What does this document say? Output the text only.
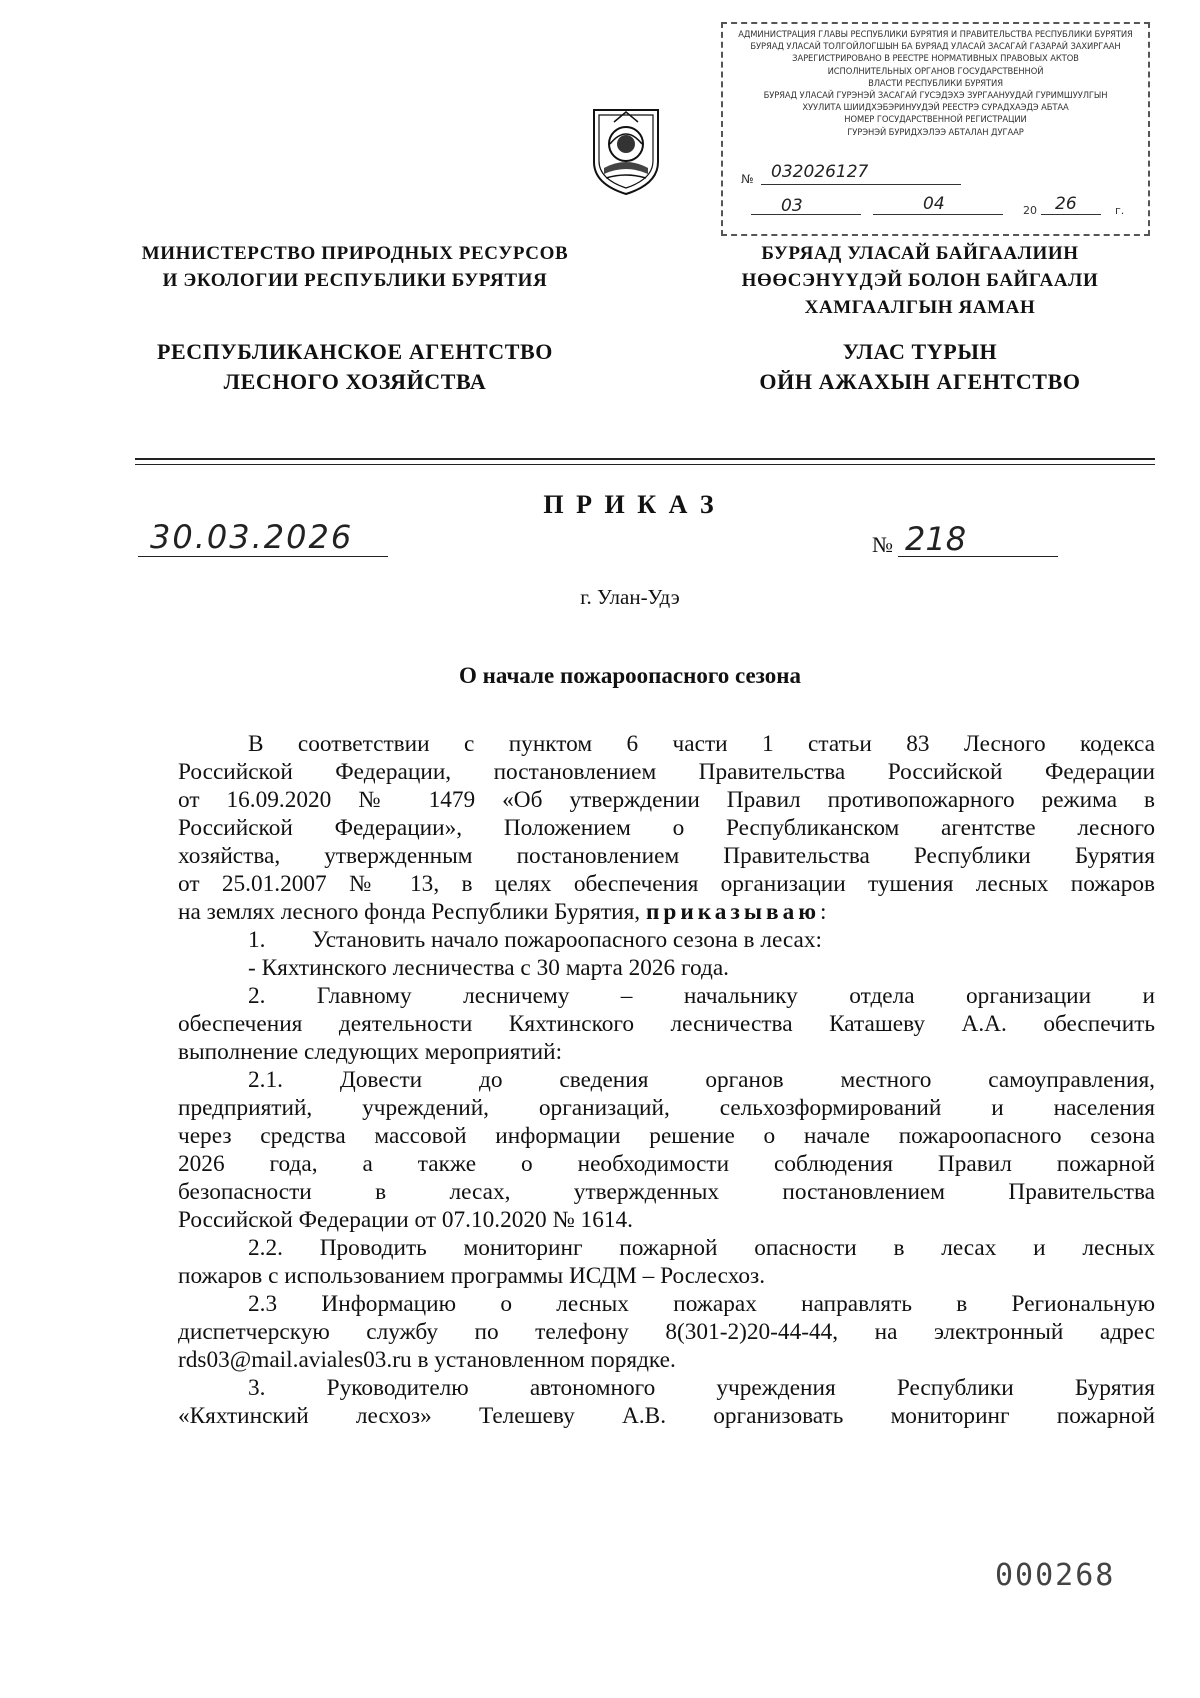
АДМИНИСТРАЦИЯ ГЛАВЫ РЕСПУБЛИКИ БУРЯТИЯ И ПРАВИТЕЛЬСТВА РЕСПУБЛИКИ БУРЯТИЯ
БУРЯАД УЛАСАЙ ТОЛГОЙЛОГШЫН БА БУРЯАД УЛАСАЙ ЗАСАГАЙ ГАЗАРАЙ ЗАХИРГААН
ЗАРЕГИСТРИРОВАНО В РЕЕСТРЕ НОРМАТИВНЫХ ПРАВОВЫХ АКТОВ
ИСПОЛНИТЕЛЬНЫХ ОРГАНОВ ГОСУДАРСТВЕННОЙ
ВЛАСТИ РЕСПУБЛИКИ БУРЯТИЯ
БУРЯАД УЛАСАЙ ГУРЭНЭЙ ЗАСАГАЙ ГУСЭДЭХЭ ЗУРГААНУУДАЙ ГУРИМШУУЛГЫН
ХУУЛИТА ШИИДХЭБЭРИНУУДЭЙ РЕЕСТРЭ СУРАДХАЭДЭ АБТАА
НОМЕР ГОСУДАРСТВЕННОЙ РЕГИСТРАЦИИ
ГУРЭНЭЙ БУРИДХЭЛЭЭ АБТАЛАН ДУГААР
№ 032026127
03	04	20 26	г.
МИНИСТЕРСТВО ПРИРОДНЫХ РЕСУРСОВ
И ЭКОЛОГИИ РЕСПУБЛИКИ БУРЯТИЯ
БУРЯАД УЛАСАЙ БАЙГААЛИИН
НӨӨСЭНҮҮДЭЙ БОЛОН БАЙГААЛИ
ХАМГААЛГЫН ЯАМАН
РЕСПУБЛИКАНСКОЕ АГЕНТСТВО
ЛЕСНОГО ХОЗЯЙСТВА
УЛАС ТҮРЫН
ОЙН АЖАХЫН АГЕНТСТВО
П Р И К А З
30.03.2026	№ 218
г. Улан-Удэ
О начале пожароопасного сезона
В соответствии с пунктом 6 части 1 статьи 83 Лесного кодекса
Российской Федерации, постановлением Правительства Российской Федерации
от 16.09.2020 № 1479 «Об утверждении Правил противопожарного режима в
Российской Федерации», Положением о Республиканском агентстве лесного
хозяйства, утвержденным постановлением Правительства Республики Бурятия
от 25.01.2007 № 13, в целях обеспечения организации тушения лесных пожаров
на землях лесного фонда Республики Бурятия, приказываю:
1. Установить начало пожароопасного сезона в лесах:
- Кяхтинского лесничества с 30 марта 2026 года.
2. Главному лесничему – начальнику отдела организации и
обеспечения деятельности Кяхтинского лесничества Каташеву А.А. обеспечить
выполнение следующих мероприятий:
2.1. Довести до сведения органов местного самоуправления,
предприятий, учреждений, организаций, сельхозформирований и населения
через средства массовой информации решение о начале пожароопасного сезона
2026 года, а также о необходимости соблюдения Правил пожарной
безопасности в лесах, утвержденных постановлением Правительства
Российской Федерации от 07.10.2020 № 1614.
2.2. Проводить мониторинг пожарной опасности в лесах и лесных
пожаров с использованием программы ИСДМ – Рослесхоз.
2.3 Информацию о лесных пожарах направлять в Региональную
диспетчерскую службу по телефону 8(301-2)20-44-44, на электронный адрес
rds03@mail.aviales03.ru в установленном порядке.
3. Руководителю автономного учреждения Республики Бурятия
«Кяхтинский лесхоз» Телешеву А.В. организовать мониторинг пожарной
000268
